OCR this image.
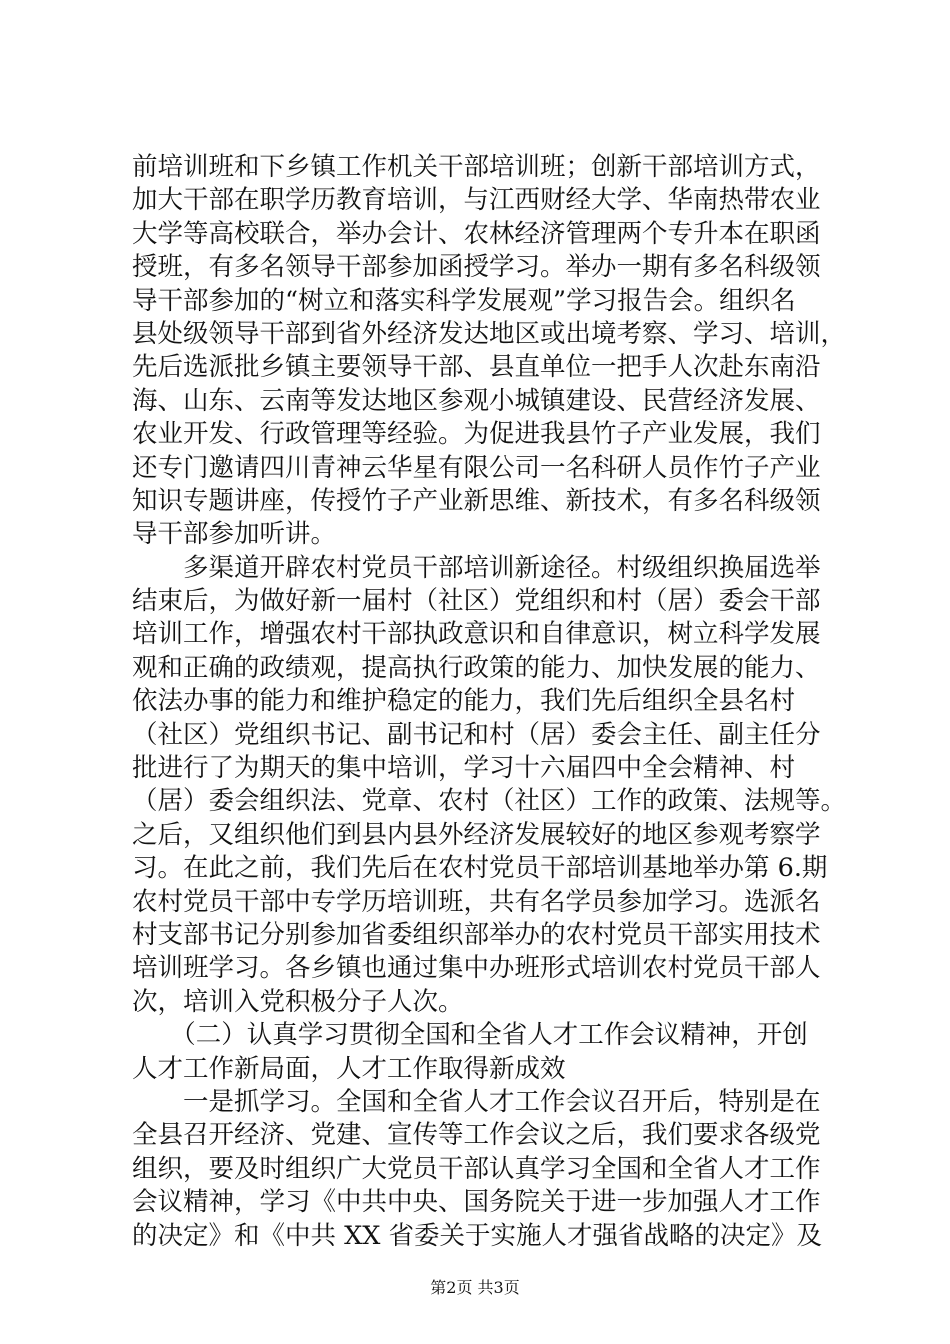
前培训班和下乡镇工作机关干部培训班；创新干部培训方式，
加大干部在职学历教育培训，与江西财经大学、华南热带农业
大学等高校联合，举办会计、农林经济管理两个专升本在职函
授班，有多名领导干部参加函授学习。举办一期有多名科级领
导干部参加的“树立和落实科学发展观”学习报告会。组织名
县处级领导干部到省外经济发达地区或出境考察、学习、培训，
先后选派批乡镇主要领导干部、县直单位一把手人次赴东南沿
海、山东、云南等发达地区参观小城镇建设、民营经济发展、
农业开发、行政管理等经验。为促进我县竹子产业发展，我们
还专门邀请四川青神云华星有限公司一名科研人员作竹子产业
知识专题讲座，传授竹子产业新思维、新技术，有多名科级领
导干部参加听讲。
　　多渠道开辟农村党员干部培训新途径。村级组织换届选举
结束后，为做好新一届村（社区）党组织和村（居）委会干部
培训工作，增强农村干部执政意识和自律意识，树立科学发展
观和正确的政绩观，提高执行政策的能力、加快发展的能力、
依法办事的能力和维护稳定的能力，我们先后组织全县名村
（社区）党组织书记、副书记和村（居）委会主任、副主任分
批进行了为期天的集中培训，学习十六届四中全会精神、村
（居）委会组织法、党章、农村（社区）工作的政策、法规等。
之后，又组织他们到县内县外经济发展较好的地区参观考察学
习。在此之前，我们先后在农村党员干部培训基地举办第 6.期
农村党员干部中专学历培训班，共有名学员参加学习。选派名
村支部书记分别参加省委组织部举办的农村党员干部实用技术
培训班学习。各乡镇也通过集中办班形式培训农村党员干部人
次，培训入党积极分子人次。
　　（二）认真学习贯彻全国和全省人才工作会议精神，开创
人才工作新局面，人才工作取得新成效
　　一是抓学习。全国和全省人才工作会议召开后，特别是在
全县召开经济、党建、宣传等工作会议之后，我们要求各级党
组织，要及时组织广大党员干部认真学习全国和全省人才工作
会议精神，学习《中共中央、国务院关于进一步加强人才工作
的决定》和《中共 XX 省委关于实施人才强省战略的决定》及
第2页 共3页
